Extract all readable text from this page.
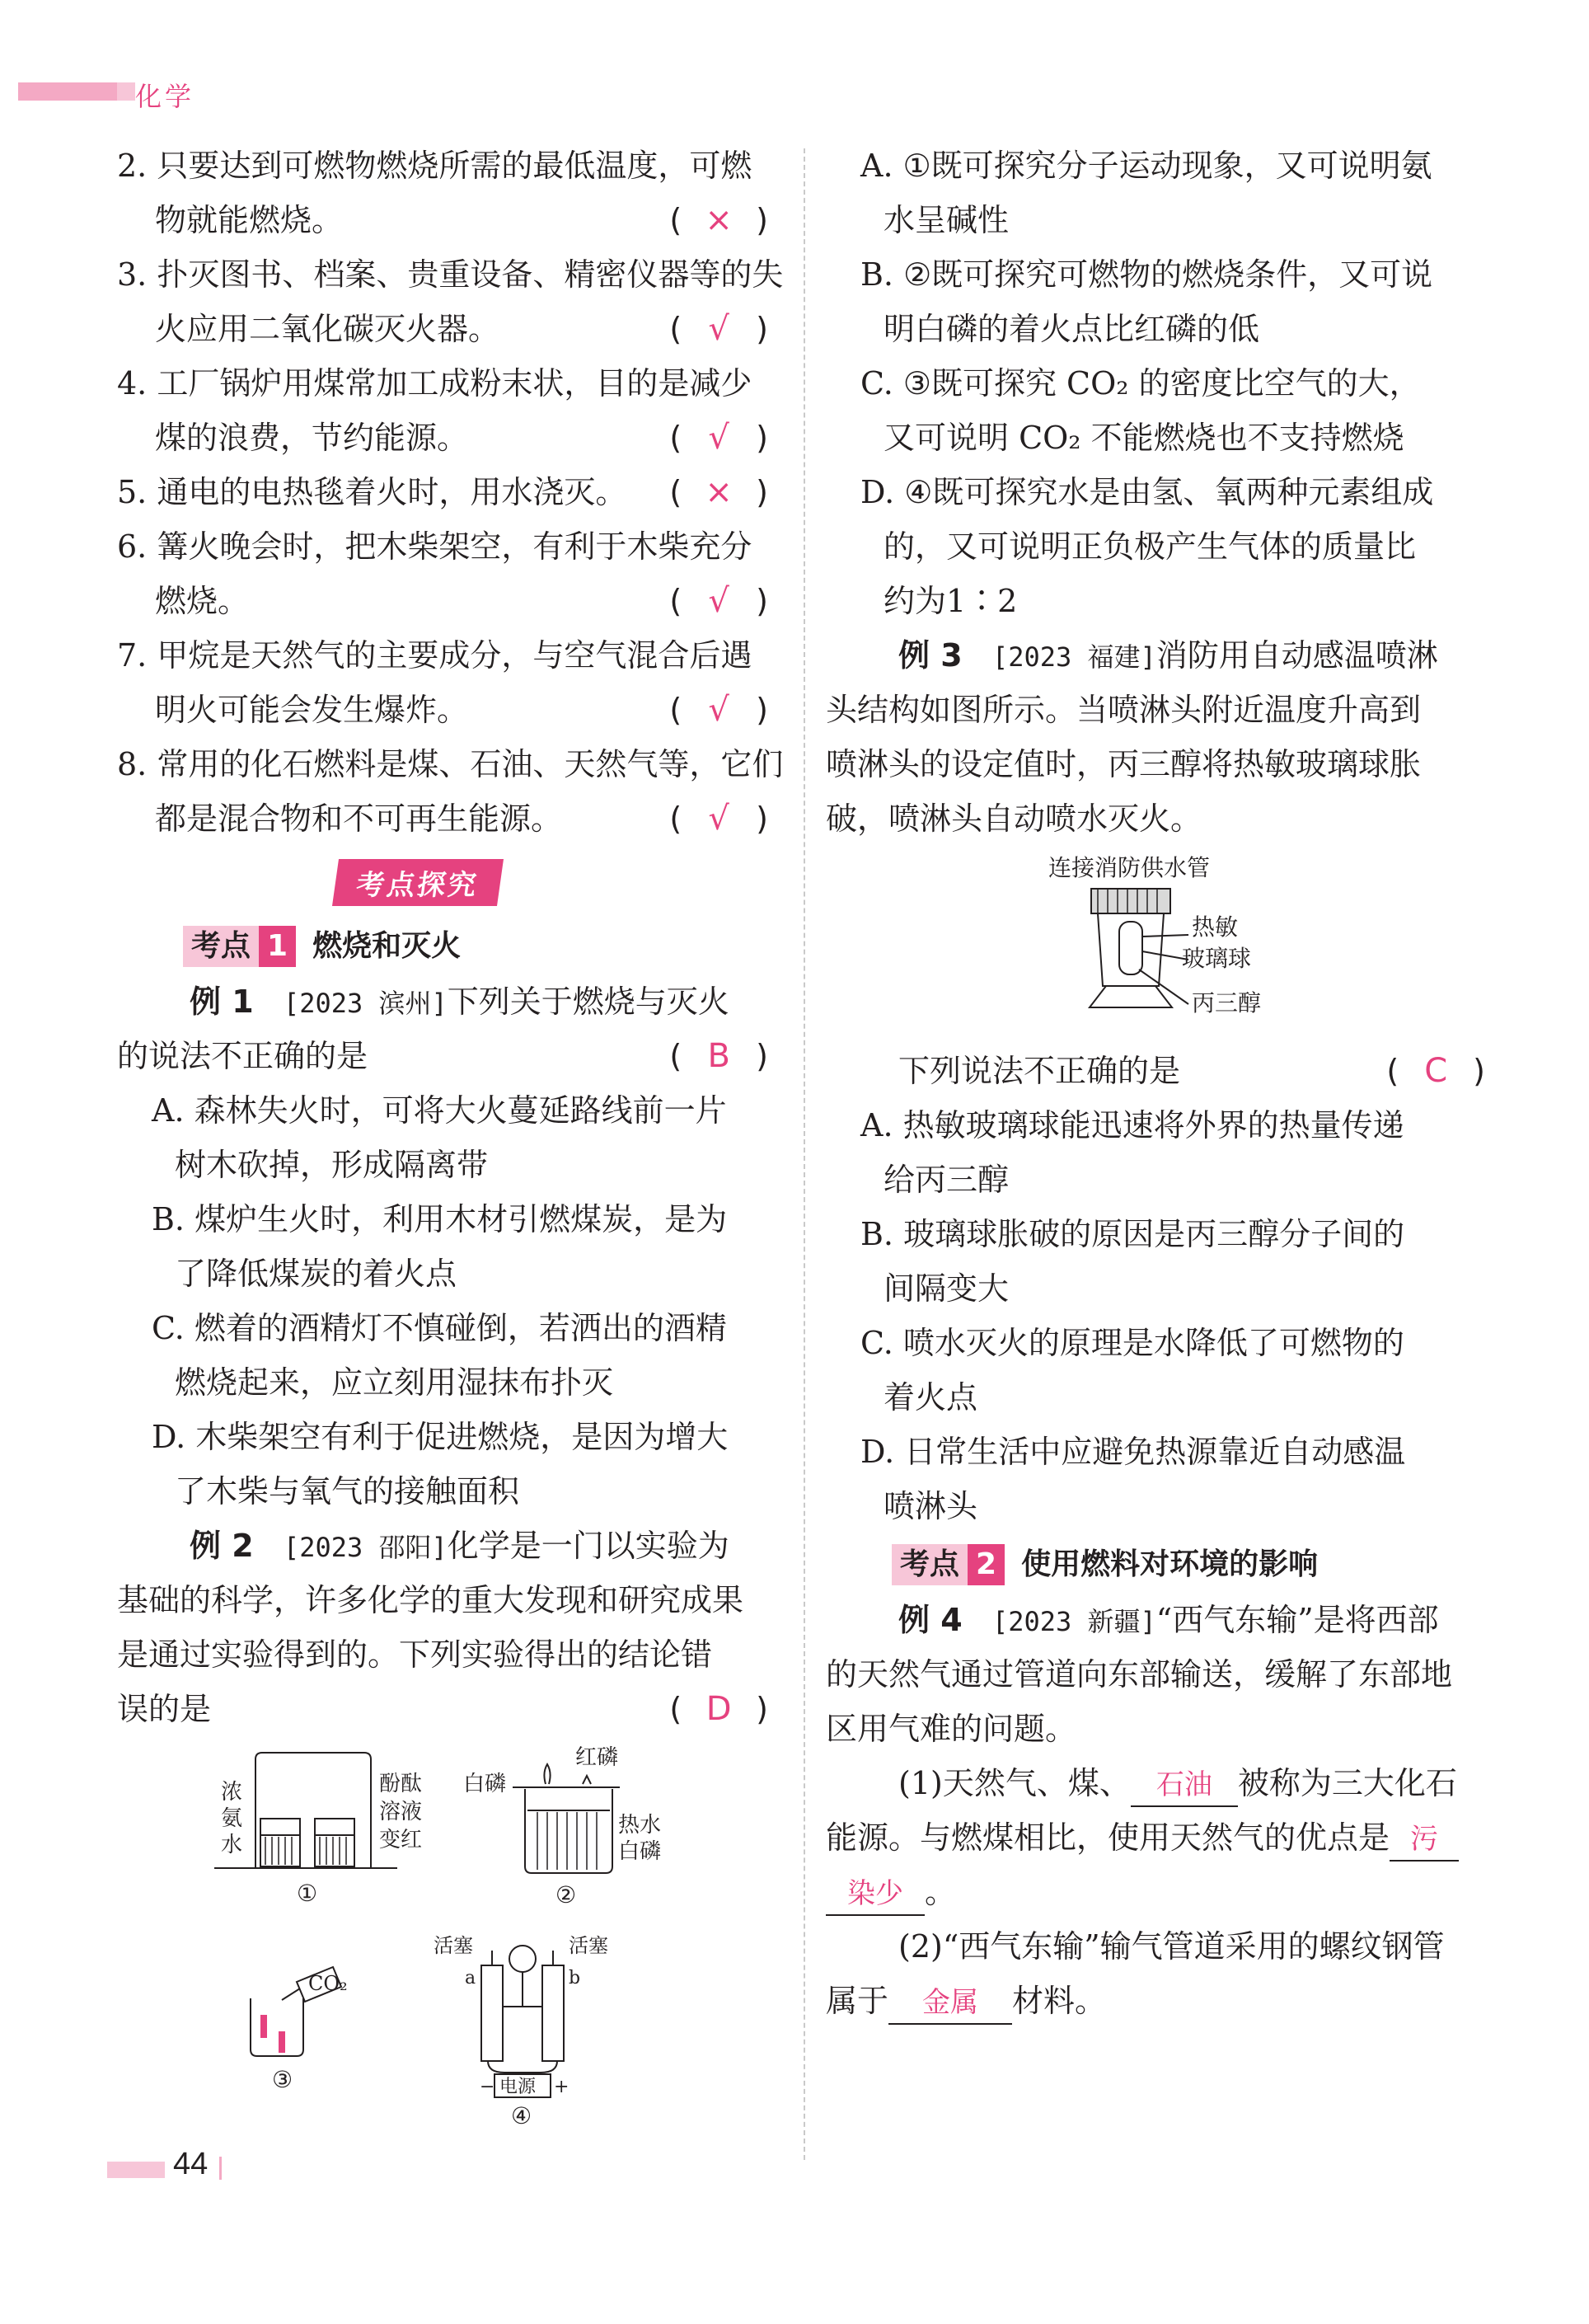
化学
2. 只要达到可燃物燃烧所需的最低温度，可燃
物就能燃烧。	( × )
3. 扑灭图书、档案、贵重设备、精密仪器等的失
火应用二氧化碳灭火器。	( √ )
4. 工厂锅炉用煤常加工成粉末状，目的是减少
煤的浪费，节约能源。	( √ )
5. 通电的电热毯着火时，用水浇灭。 ( × )
6. 篝火晚会时，把木柴架空，有利于木柴充分
燃烧。	( √ )
7. 甲烷是天然气的主要成分，与空气混合后遇
明火可能会发生爆炸。	( √ )
8. 常用的化石燃料是煤、石油、天然气等，它们
都是混合物和不可再生能源。	( √ )
考点探究
考点 1 燃烧和灭火
例 1 [2023 滨州]下列关于燃烧与灭火
的说法不正确的是	( B )
A. 森林失火时，可将大火蔓延路线前一片
树木砍掉，形成隔离带
B. 煤炉生火时，利用木材引燃煤炭，是为
了降低煤炭的着火点
C. 燃着的酒精灯不慎碰倒，若洒出的酒精
燃烧起来，应立刻用湿抹布扑灭
D. 木柴架空有利于促进燃烧，是因为增大
了木柴与氧气的接触面积
例 2 [2023 邵阳]化学是一门以实验为
基础的科学，许多化学的重大发现和研究成果
是通过实验得到的。下列实验得出的结论错
误的是	( D )
浓
氨
水
酚酞
溶液
变红
①
白磷
红磷
热水
白磷
②
CO₂
③
活塞	活塞
a	b
电源
−	+
④
A. ①既可探究分子运动现象，又可说明氨
水呈碱性
B. ②既可探究可燃物的燃烧条件，又可说
明白磷的着火点比红磷的低
C. ③既可探究 CO₂ 的密度比空气的大，
又可说明 CO₂ 不能燃烧也不支持燃烧
D. ④既可探究水是由氢、氧两种元素组成
的，又可说明正负极产生气体的质量比
约为1∶2
例 3 [2023 福建]消防用自动感温喷淋
头结构如图所示。当喷淋头附近温度升高到
喷淋头的设定值时，丙三醇将热敏玻璃球胀
破，喷淋头自动喷水灭火。
连接消防供水管
热敏
玻璃球
丙三醇
下列说法不正确的是	( C )
A. 热敏玻璃球能迅速将外界的热量传递
给丙三醇
B. 玻璃球胀破的原因是丙三醇分子间的
间隔变大
C. 喷水灭火的原理是水降低了可燃物的
着火点
D. 日常生活中应避免热源靠近自动感温
喷淋头
考点 2 使用燃料对环境的影响
例 4 [2023 新疆]“西气东输”是将西部
的天然气通过管道向东部输送，缓解了东部地
区用气难的问题。
(1)天然气、煤、 石油 被称为三大化石
能源。与燃煤相比，使用天然气的优点是 污
染少 。
(2)“西气东输”输气管道采用的螺纹钢管
属于 金属 材料。
44
